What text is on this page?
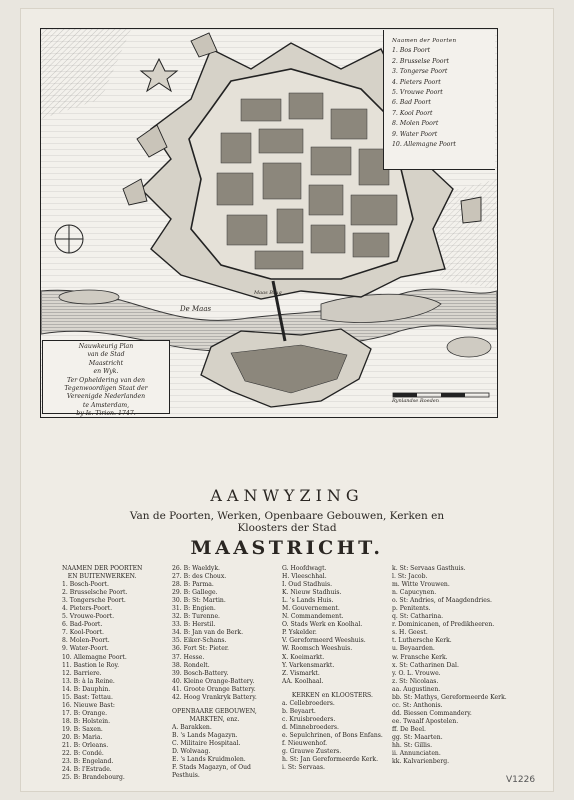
Nauwkeurig Plan
van de Stad
Maastricht
en Wyk.
Ter Opheldering van den
Tegenwoordigen Staat der
Vereenigde Nederlanden
te Amsterdam,
by Is. Tirion. 1747.
Naamen der Poorten
1. Bos Poort
2. Brusselse Poort
3. Tongerse Poort
4. Pieters Poort
5. Vrouwe Poort
6. Bad Poort
7. Kool Poort
8. Molen Poort
9. Water Poort
10. Allemagne Poort
De Maas
Maas Brug
Rynlandse Roeden
AANWYZING
Van de Poorten, Werken, Openbaare Gebouwen, Kerken en
Kloosters der Stad
MAASTRICHT.
NAAMEN DER POORTEN
EN BUITENWERKEN.
1. Bosch-Poort.
2. Brusselsche Poort.
3. Tongersche Poort.
4. Pieters-Poort.
5. Vrouwe-Poort.
6. Bad-Poort.
7. Kool-Poort.
8. Molen-Poort.
9. Water-Poort.
10. Allemagne Poort.
11. Bastion le Roy.
12. Barriere.
13. B: à la Reine.
14. B: Dauphin.
15. Bast: Tettau.
16. Nieuwe Bast:
17. B: Orange.
18. B: Holstein.
19. B: Saxen.
20. B: Maria.
21. B: Orleans.
22. B: Condé.
23. B: Engeland.
24. B: l'Estrade.
25. B: Brandebourg.
26. B: Waeldyk.
27. B: des Choux.
28. B: Parma.
29. B: Gallege.
30. B: St: Martin.
31. B: Engien.
32. B: Turenne.
33. B: Herstil.
34. B: Jan van de Berk.
35. Eiker-Schans.
36. Fort St: Pieter.
37. Hesse.
38. Rondelt.
39. Bosch-Battery.
40. Kleine Orange-Battery.
41. Groote Orange Battery.
42. Hoog Vrankryk Battery.
OPENBAARE GEBOUWEN,
MARKTEN, enz.
A. Barakken.
B. 's Lands Magazyn.
C. Militaire Hospitaal.
D. Wolwaag.
E. 's Lands Kruidmolen.
F. Stads Magazyn, of Oud
Pesthuis.
G. Hoofdwagt.
H. Vleeschhal.
I. Oud Stadhuis.
K. Nieuw Stadhuis.
L. 's Lands Huis.
M. Gouvernement.
N. Commandement.
O. Stads Werk en Koolhal.
P. Yskelder.
V. Gereformeerd Weeshuis.
W. Roomsch Weeshuis.
X. Koeimarkt.
Y. Varkensmarkt.
Z. Vismarkt.
AA. Koolhaal.
KERKEN en KLOOSTERS.
a. Cellebroeders.
b. Beyaart.
c. Kruisbroeders.
d. Minnebroeders.
e. Sepulchrinen, of Bons Enfans.
f. Nieuwenhof.
g. Grauwe Zusters.
h. St: Jan Gereformeerde Kerk.
i. St: Servaas.
k. St: Servaas Gasthuis.
l. St: Jacob.
m. Witte Vrouwen.
n. Capucynen.
o. St: Andries, of Maagdendries.
p. Penitents.
q. St: Catharina.
r. Dominicanen, of Predikheeren.
s. H. Geest.
t. Luthersche Kerk.
u. Beyaarden.
w. Fransche Kerk.
x. St: Catharinen Dal.
y. O. L. Vrouwe.
z. St: Nicolaas.
aa. Augustinen.
bb. St: Mathys, Gereformeerde Kerk.
cc. St: Anthonis.
dd. Biessen Commandery.
ee. Twaalf Apostelen.
ff. De Beel.
gg. St: Maarten.
hh. St: Gillis.
ii. Annunciaten.
kk. Kalvarienberg.
V1226
